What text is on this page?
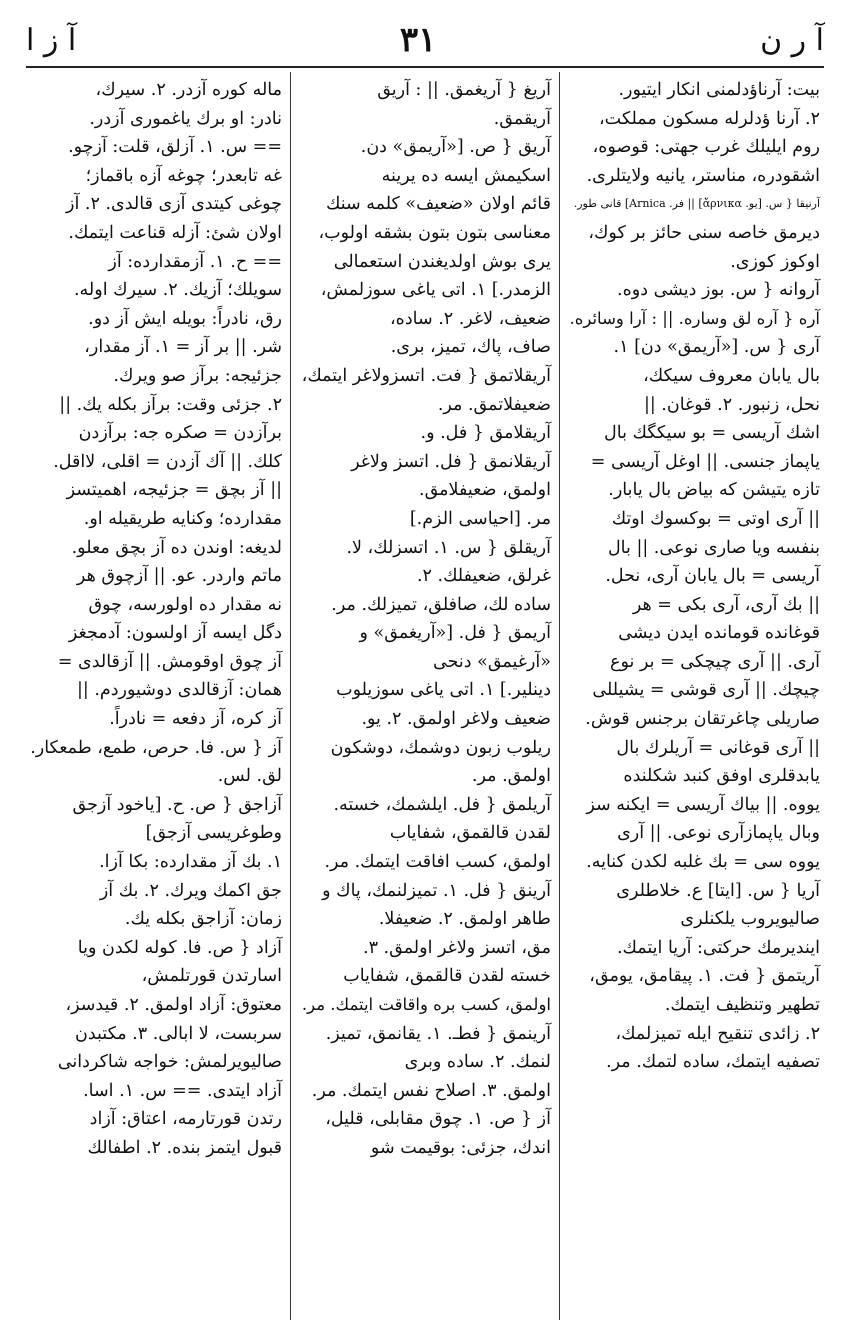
آ ر ن
۳۱
آ ز ا
بيت: آرناؤدلمنى انكار ايتيور.
۲. آرنا ؤدلرله مسكون مملكت،
روم ايليلك غرب جهتى: قوصوه،
اشقودره، مناستر، يانيه ولايتلرى.
آرنيقا { س. [يو. ἄρνικα] || فر. Arnica] قانى طور.
ديرمق خاصه سنى حائز بر كوك،
اوكوز كوزى.
آروانه { س. بوز ديشى دوه.
آره { آره لق وساره. || : آرا وسائره.
آرى { س. [«آريمق» دن] ۱.
بال يابان معروف سيكك،
نحل، زنبور. ۲. قوغان. ||
اشك آريسى = بو سيكگك بال
ياپماز جنسى. || اوغل آريسى =
تازه يتيشن كه بياض بال يابار.
|| آرى اوتى = بوكسوك اوتك
بنفسه ويا صارى نوعى. || بال
آريسى = بال يابان آرى، نحل.
|| بك آرى، آرى بكى = هر
قوغانده قومانده ايدن ديشى
آرى. || آرى چيچكى = بر نوع
چيچك. || آرى قوشى = يشيللى
صاريلى چاغرتقان برجنس قوش.
|| آرى قوغانى = آريلرك بال
يابدقلرى اوفق كنبد شكلنده
يووه. || بياك آريسى = ايكنه سز
وبال ياپمازآرى نوعى. || آرى
يووه سى = بك غلبه لكدن كنايه.
آريا { س. [ايتا] ع. خلاطلرى
صاليويروب يلكنلرى
ايندیرمك حركتى: آريا ايتمك.
آريتمق { فت. ۱. پيقامق، يومق،
تطهير وتنظيف ايتمك.
۲. زائدى تنقيح ايله تميزلمك،
تصفيه ايتمك، ساده لتمك. مر.
آريغ { آريغمق. || : آريق
آريقمق.
آريق { ص. [«آريمق» دن.
اسكيمش ايسه ده يرينه
قائم اولان «ضعيف» كلمه سنك
معناسى بتون بتون بشقه اولوب،
يرى بوش اولديغندن استعمالى
الزمدر.] ۱. اتى ياغى سوزلمش،
ضعيف، لاغر. ۲. ساده،
صاف، پاك، تميز، برى.
آريقلاتمق { فت. اتسزولاغر ايتمك،
ضعيفلاتمق. مر.
آريقلامق { فل. و.
آريقلانمق { فل. اتسز ولاغر
اولمق، ضعيفلامق.
مر. [احياسى الزم.]
آريقلق { س. ۱. اتسزلك، لا.
غرلق، ضعيفلك. ۲.
ساده لك، صافلق، تميزلك. مر.
آريمق { فل. [«آريغمق» و
«آرغيمق» دنحى
دينلير.] ۱. اتى ياغى سوزيلوب
ضعيف ولاغر اولمق. ۲. يو.
ريلوب زبون دوشمك، دوشكون
اولمق. مر.
آريلمق { فل. ايلشمك، خسته.
لقدن قالقمق، شفاياب
اولمق، كسب افاقت ايتمك. مر.
آرينق { فل. ۱. تميزلنمك، پاك و
طاهر اولمق. ۲. ضعيفلا.
مق، اتسز ولاغر اولمق. ۳.
خسته لقدن قالقمق، شفاياب
اولمق، كسب بره واقاقت ايتمك. مر.
آرينمق { فطـ. ۱. يقانمق، تميز.
لنمك. ۲. ساده وبرى
اولمق. ۳. اصلاح نفس ايتمك. مر.
آز { ص. ۱. چوق مقابلى، قليل،
اندك، جزئى: بوقيمت شو
ماله كوره آزدر. ۲. سيرك،
نادر: او برك ياغمورى آزدر.
== س. ۱. آزلق، قلت: آزچو.
غه تابعدر؛ چوغه آزه باقماز؛
چوغى كيتدى آزى قالدى. ۲. آز
اولان شئ: آزله قناعت ايتمك.
== ح. ۱. آزمقدارده: آز
سويلك؛ آزيك. ۲. سيرك اوله.
رق، نادراً: بويله ايش آز دو.
شر. || بر آز = ۱. آز مقدار،
جزئيجه: برآز صو ويرك.
۲. جزئى وقت: برآز بكله يك. ||
برآزدن = صكره جه: برآزدن
كلك. || آك آزدن = اقلى، لااقل.
|| آز بچق = جزئيجه، اهميتسز
مقدارده؛ وكنايه طريقيله او.
لديغه: اوندن ده آز بچق معلو.
ماتم واردر. عو. || آزچوق هر
نه مقدار ده اولورسه، چوق
دگل ايسه آز اولسون: آدمجغز
آز چوق اوقومش. || آزقالدى =
همان: آزقالدى دوشيوردم. ||
آز كره، آز دفعه = نادراً.
آز { س. فا. حرص، طمع، طمعكار.
لق. لس.
آزاجق { ص. ح. [ياخود آزجق
وطوغريسى آزجق]
۱. بك آز مقدارده: بكا آزا.
جق اكمك ويرك. ۲. بك آز
زمان: آزاجق بكله يك.
آزاد { ص. فا. كوله لكدن ويا
اسارتدن قورتلمش،
معتوق: آزاد اولمق. ۲. قيدسز،
سربست، لا ابالى. ۳. مكتبدن
صاليويرلمش: خواجه شاكردانى
آزاد ايتدى. == س. ۱. اسا.
رتدن قورتارمه، اعتاق: آزاد
قبول ايتمز بنده. ۲. اطفالك
